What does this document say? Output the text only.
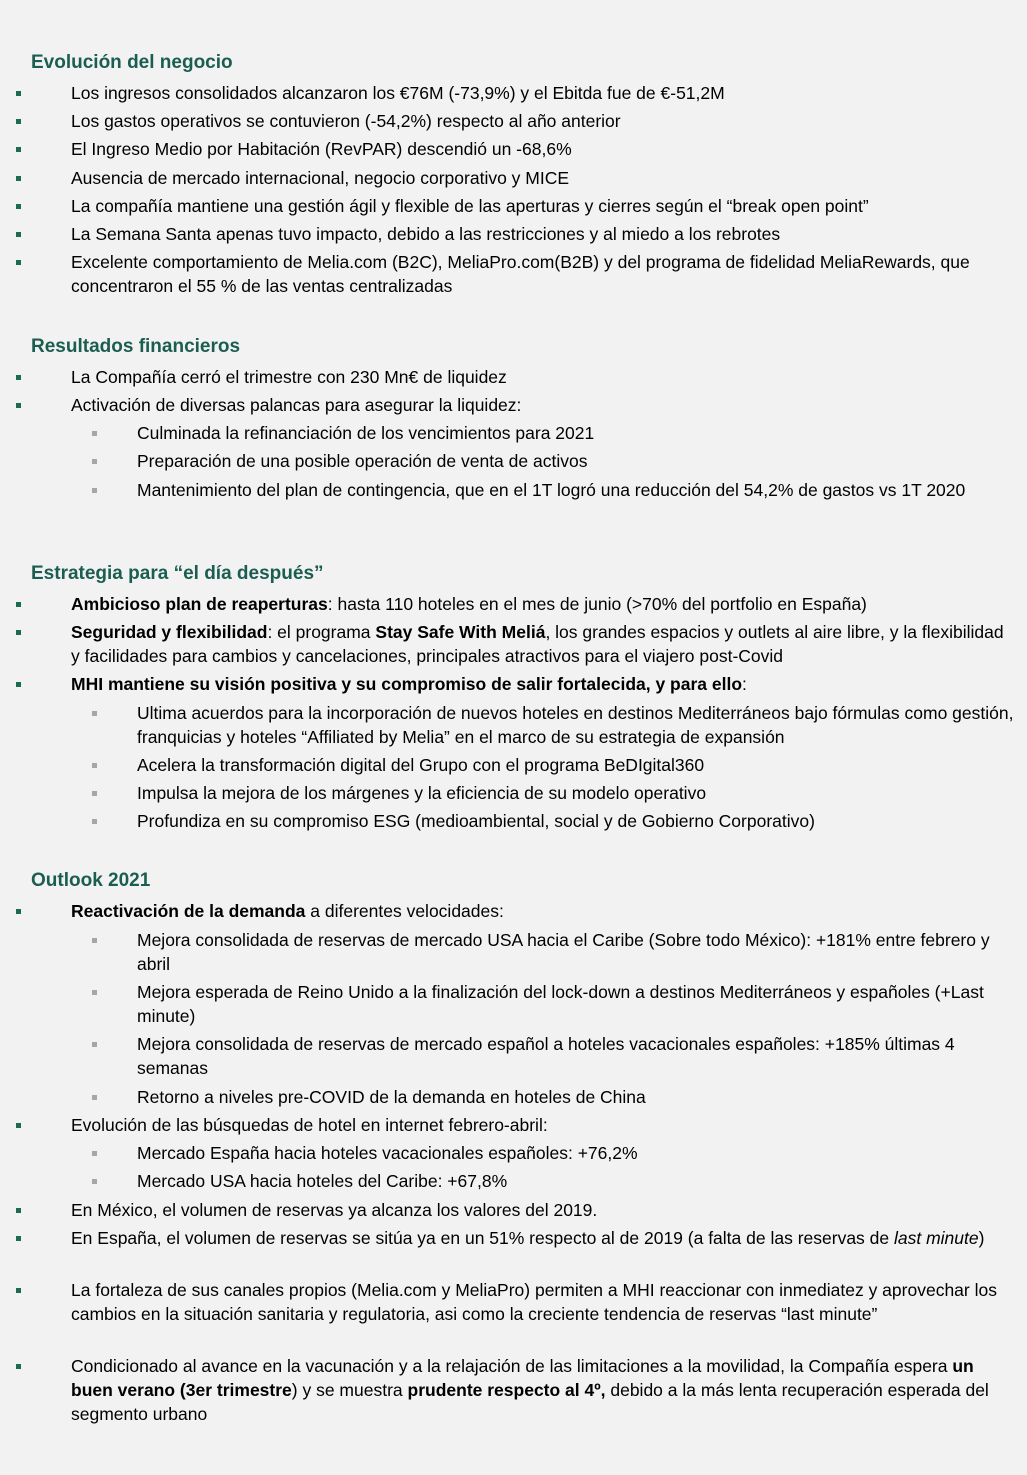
Evolución del negocio
Los ingresos consolidados alcanzaron los €76M (-73,9%) y el Ebitda fue de €-51,2M
Los gastos operativos se contuvieron (-54,2%) respecto al año anterior
El Ingreso Medio por Habitación (RevPAR) descendió un -68,6%
Ausencia de mercado internacional, negocio corporativo y MICE
La compañía mantiene una gestión ágil y flexible de las aperturas y cierres según el “break open point”
La Semana Santa apenas tuvo impacto, debido a las restricciones y al miedo a los rebrotes
Excelente comportamiento de Melia.com (B2C), MeliaPro.com(B2B) y del programa de fidelidad MeliaRewards, que concentraron el 55 % de las ventas centralizadas
Resultados financieros
La Compañía cerró el trimestre con 230 Mn€ de liquidez
Activación de diversas palancas para asegurar la liquidez:
Culminada la refinanciación de los vencimientos para 2021
Preparación de una posible operación de venta de activos
Mantenimiento del plan de contingencia, que en el 1T logró una reducción del 54,2% de gastos vs 1T 2020
Estrategia para “el día después”
Ambicioso plan de reaperturas: hasta 110 hoteles en el mes de junio (>70% del portfolio en España)
Seguridad y flexibilidad: el programa Stay Safe With Meliá, los grandes espacios y outlets al aire libre, y la flexibilidad y facilidades para cambios y cancelaciones, principales atractivos para el viajero post-Covid
MHI mantiene su visión positiva y su compromiso de salir fortalecida, y para ello:
Ultima acuerdos para la incorporación de nuevos hoteles en destinos Mediterráneos bajo fórmulas como gestión, franquicias y hoteles “Affiliated by Melia” en el marco de su estrategia de expansión
Acelera la transformación digital del Grupo con el programa BeDIgital360
Impulsa la mejora de los márgenes y la eficiencia de su modelo operativo
Profundiza en su compromiso ESG (medioambiental, social y de Gobierno Corporativo)
Outlook 2021
Reactivación de la demanda a diferentes velocidades:
Mejora consolidada de reservas de mercado USA hacia el Caribe (Sobre todo México): +181% entre febrero y abril
Mejora esperada de Reino Unido a la finalización del lock-down a destinos Mediterráneos y españoles (+Last minute)
Mejora consolidada de reservas de mercado español a hoteles vacacionales españoles: +185% últimas 4 semanas
Retorno a niveles pre-COVID de la demanda en hoteles de China
Evolución de las búsquedas de hotel en internet febrero-abril:
Mercado España hacia hoteles vacacionales españoles: +76,2%
Mercado USA hacia hoteles del Caribe: +67,8%
En México, el volumen de reservas ya alcanza los valores del 2019.
En España, el volumen de reservas se sitúa ya en un 51% respecto al de 2019 (a falta de las reservas de last minute)
La fortaleza de sus canales propios (Melia.com y MeliaPro) permiten a MHI reaccionar con inmediatez y aprovechar los cambios en la situación sanitaria y regulatoria, asi como la creciente tendencia de reservas “last minute”
Condicionado al avance en la vacunación y a la relajación de las limitaciones a la movilidad, la Compañía espera un buen verano (3er trimestre) y se muestra prudente respecto al 4º, debido a la más lenta recuperación esperada del segmento urbano
